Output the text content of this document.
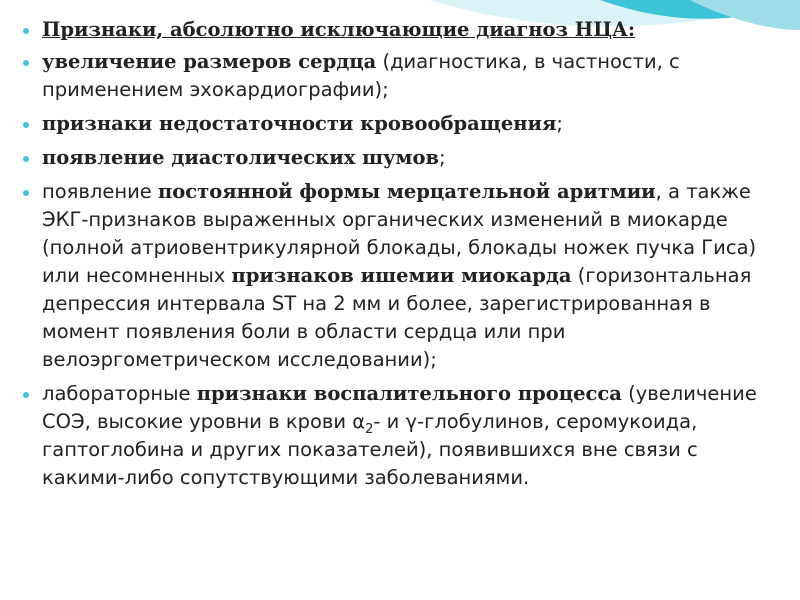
Признаки, абсолютно исключающие диагноз НЦА:
увеличение размеров сердца (диагностика, в частности, с применением эхокардиографии);
признаки недостаточности кровообращения;
появление диастолических шумов;
появление постоянной формы мерцательной аритмии, а также ЭКГ-признаков выраженных органических изменений в миокарде (полной атриовентрикулярной блокады, блокады ножек пучка Гиса) или несомненных признаков ишемии миокарда (горизонтальная депрессия интервала ST на 2 мм и более, зарегистрированная в момент появления боли в области сердца или при велоэргометрическом исследовании);
лабораторные признаки воспалительного процесса (увеличение СОЭ, высокие уровни в крови $\alpha_2-$ и γ-глобулинов, серомукоида, гаптоглобина и других показателей), появившихся вне связи с какими-либо сопутствующими заболеваниями.
